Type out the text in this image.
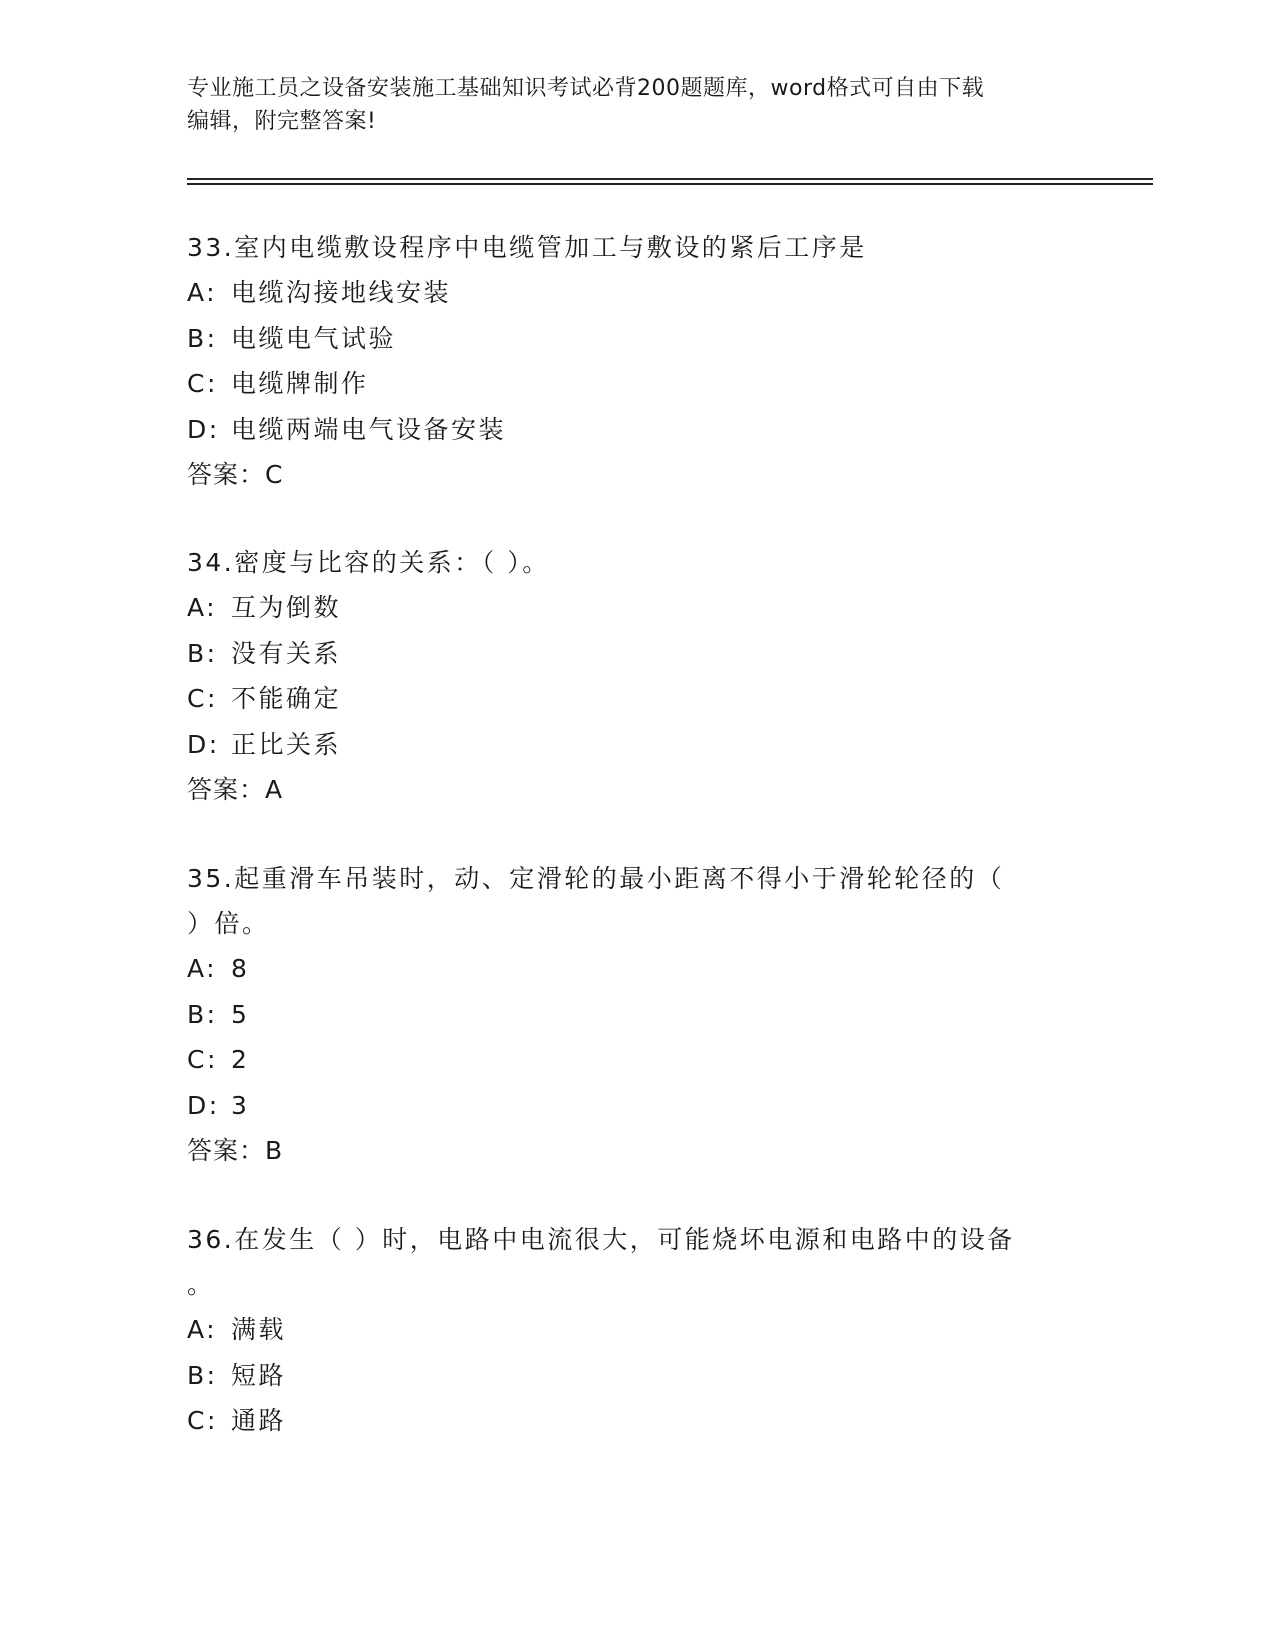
专业施工员之设备安装施工基础知识考试必背200题题库，word格式可自由下载
编辑，附完整答案!
33.室内电缆敷设程序中电缆管加工与敷设的紧后工序是
A: 电缆沟接地线安装
B: 电缆电气试验
C: 电缆牌制作
D: 电缆两端电气设备安装
答案：C
34.密度与比容的关系：（ ）。
A: 互为倒数
B: 没有关系
C: 不能确定
D: 正比关系
答案：A
35.起重滑车吊装时，动、定滑轮的最小距离不得小于滑轮轮径的（
）倍。
A: 8
B: 5
C: 2
D: 3
答案：B
36.在发生（ ）时，电路中电流很大，可能烧坏电源和电路中的设备
。
A: 满载
B: 短路
C: 通路
